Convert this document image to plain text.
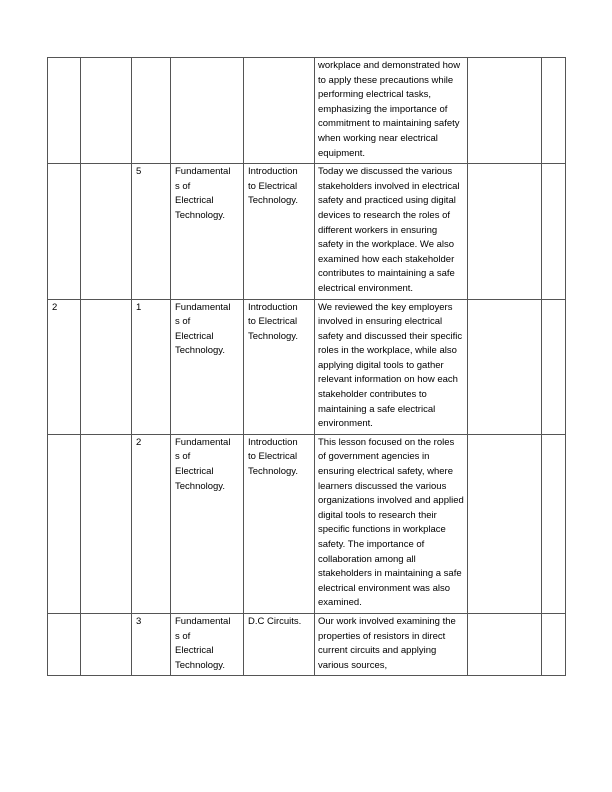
					workplace and demonstrated how to apply these precautions while performing electrical tasks, emphasizing the importance of commitment to maintaining safety when working near electrical equipment.		
		5	Fundamentals of Electrical Technology.	Introduction to Electrical Technology.	Today we discussed the various stakeholders involved in electrical safety and practiced using digital devices to research the roles of different workers in ensuring safety in the workplace. We also examined how each stakeholder contributes to maintaining a safe electrical environment.		
2		1	Fundamentals of Electrical Technology.	Introduction to Electrical Technology.	We reviewed the key employers involved in ensuring electrical safety and discussed their specific roles in the workplace, while also applying digital tools to gather relevant information on how each stakeholder contributes to maintaining a safe electrical environment.		
		2	Fundamentals of Electrical Technology.	Introduction to Electrical Technology.	This lesson focused on the roles of government agencies in ensuring electrical safety, where learners discussed the various organizations involved and applied digital tools to research their specific functions in workplace safety. The importance of collaboration among all stakeholders in maintaining a safe electrical environment was also examined.		
		3	Fundamentals of Electrical Technology.	D.C Circuits.	Our work involved examining the properties of resistors in direct current circuits and applying various sources,		
